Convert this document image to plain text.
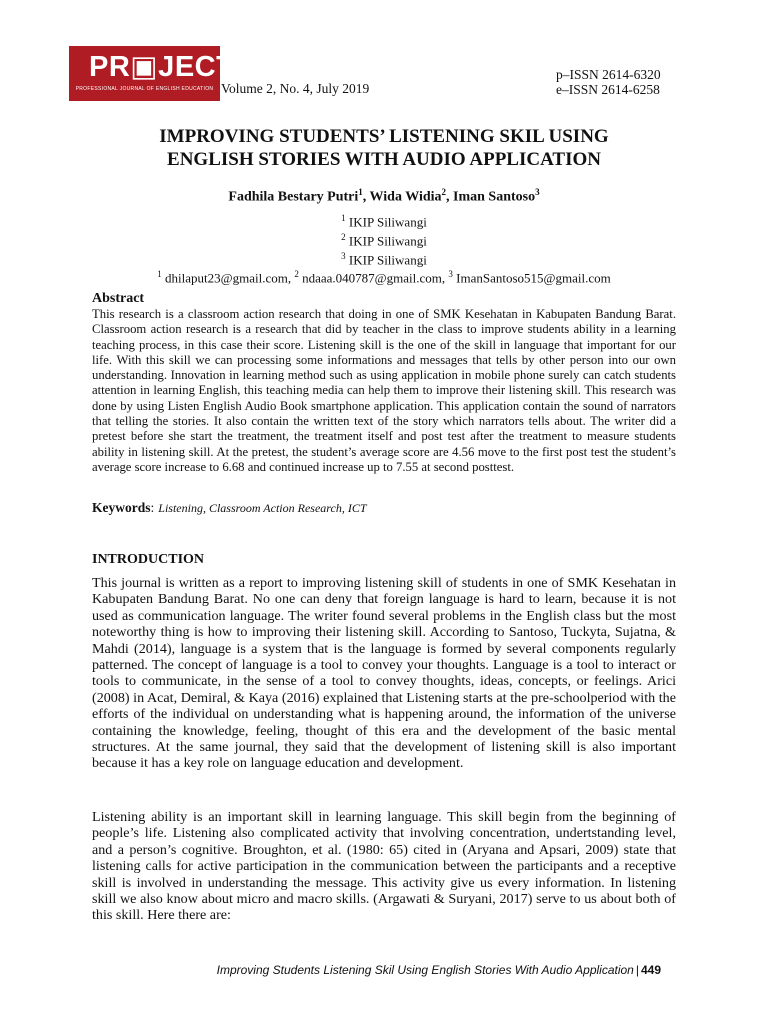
PR▣JECT
PROFESSIONAL JOURNAL OF ENGLISH EDUCATION Volume 2, No. 4, July 2019
p–ISSN 2614-6320
e–ISSN 2614-6258
IMPROVING STUDENTS’ LISTENING SKIL USING
ENGLISH STORIES WITH AUDIO APPLICATION
Fadhila Bestary Putri$^1$, Wida Widia$^2$, Iman Santoso$^3$
$^1$ IKIP Siliwangi
$^2$ IKIP Siliwangi
$^3$ IKIP Siliwangi
$^1$ dhilaput23@gmail.com, $^2$ ndaaa.040787@gmail.com, $^3$ ImanSantoso515@gmail.com
Abstract

This research is a classroom action research that doing in one of SMK Kesehatan in Kabupaten Bandung Barat. Classroom action research is a research that did by teacher in the class to improve students ability in a learning teaching process, in this case their score. Listening skill is the one of the skill in language that important for our life. With this skill we can processing some informations and messages that tells by other person into our own understanding. Innovation in learning method such as using application in mobile phone surely can catch students attention in learning English, this teaching media can help them to improve their listening skill. This research was done by using Listen English Audio Book smartphone application. This application contain the sound of narrators that telling the stories. It also contain the written text of the story which narrators tells about. The writer did a pretest before she start the treatment, the treatment itself and post test after the treatment to measure students ability in listening skill. At the pretest, the student’s average score are 4.56 move to the first post test the student’s average score increase to 6.68 and continued increase up to 7.55 at second posttest.

Keywords: Listening, Classroom Action Research, ICT
INTRODUCTION

This journal is written as a report to improving listening skill of students in one of SMK Kesehatan in Kabupaten Bandung Barat. No one can deny that foreign language is hard to learn, because it is not used as communication language. The writer found several problems in the English class but the most noteworthy thing is how to improving their listening skill. According to Santoso, Tuckyta, Sujatna, & Mahdi (2014), language is a system that is the language is formed by several components regularly patterned. The concept of language is a tool to convey your thoughts. Language is a tool to interact or tools to communicate, in the sense of a tool to convey thoughts, ideas, concepts, or feelings. Arici (2008) in Acat, Demiral, & Kaya (2016) explained that Listening starts at the pre-schoolperiod with the efforts of the individual on understanding what is happening around, the information of the universe containing the knowledge, feeling, thought of this era and the development of the basic mental structures. At the same journal, they said that the development of listening skill is also important because it has a key role on language education and development.

Listening ability is an important skill in learning language. This skill begin from the beginning of people’s life. Listening also complicated activity that involving concentration, undertstanding level, and a person’s cognitive. Broughton, et al. (1980: 65) cited in (Aryana and Apsari, 2009) state that listening calls for active participation in the communication between the participants and a receptive skill is involved in understanding the message. This activity give us every information. In listening skill we also know about micro and macro skills. (Argawati & Suryani, 2017) serve to us about both of this skill. Here there are:

Improving Students Listening Skil Using English Stories With Audio Application | 449
